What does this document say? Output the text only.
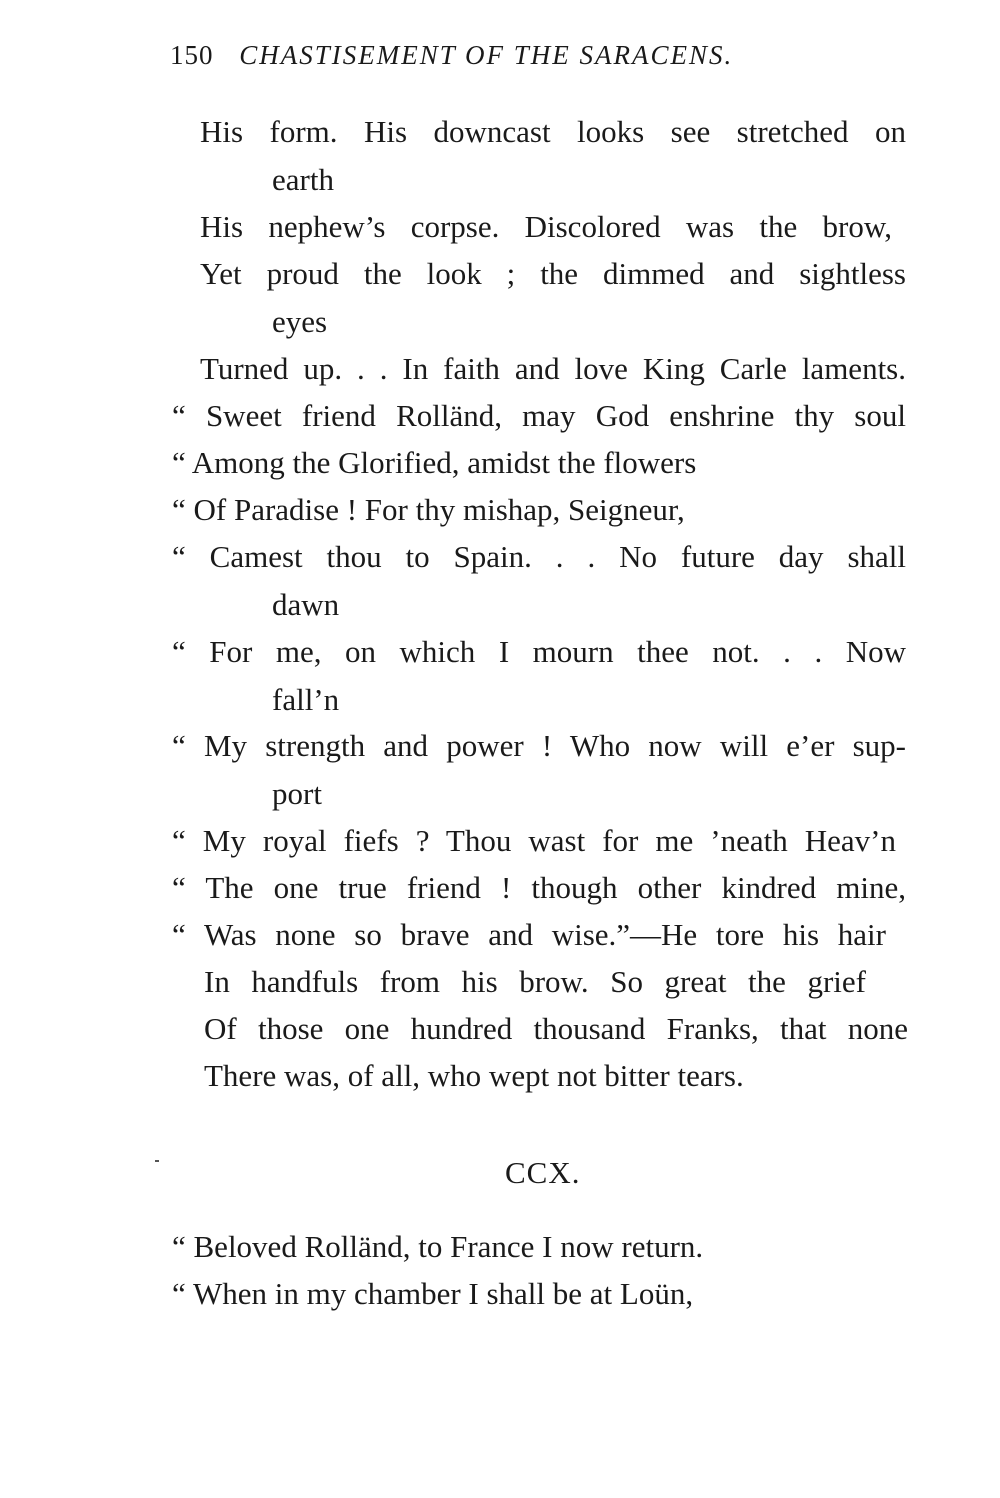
150 CHASTISEMENT OF THE SARACENS.
His form. His downcast looks see stretched on
earth
His nephew’s corpse. Discolored was the brow,
Yet proud the look ; the dimmed and sightless
eyes
Turned up. . . In faith and love King Carle laments.
“ Sweet friend Rolländ, may God enshrine thy soul
“ Among the Glorified, amidst the flowers
“ Of Paradise ! For thy mishap, Seigneur,
“ Camest thou to Spain. . . No future day shall
dawn
“ For me, on which I mourn thee not. . . Now
fall’n
“ My strength and power ! Who now will e’er sup-
port
“ My royal fiefs ? Thou wast for me ’neath Heav’n
“ The one true friend ! though other kindred mine,
“ Was none so brave and wise.”—He tore his hair
In handfuls from his brow. So great the grief
Of those one hundred thousand Franks, that none
There was, of all, who wept not bitter tears.
CCX.
“ Beloved Rolländ, to France I now return.
“ When in my chamber I shall be at Loün,
